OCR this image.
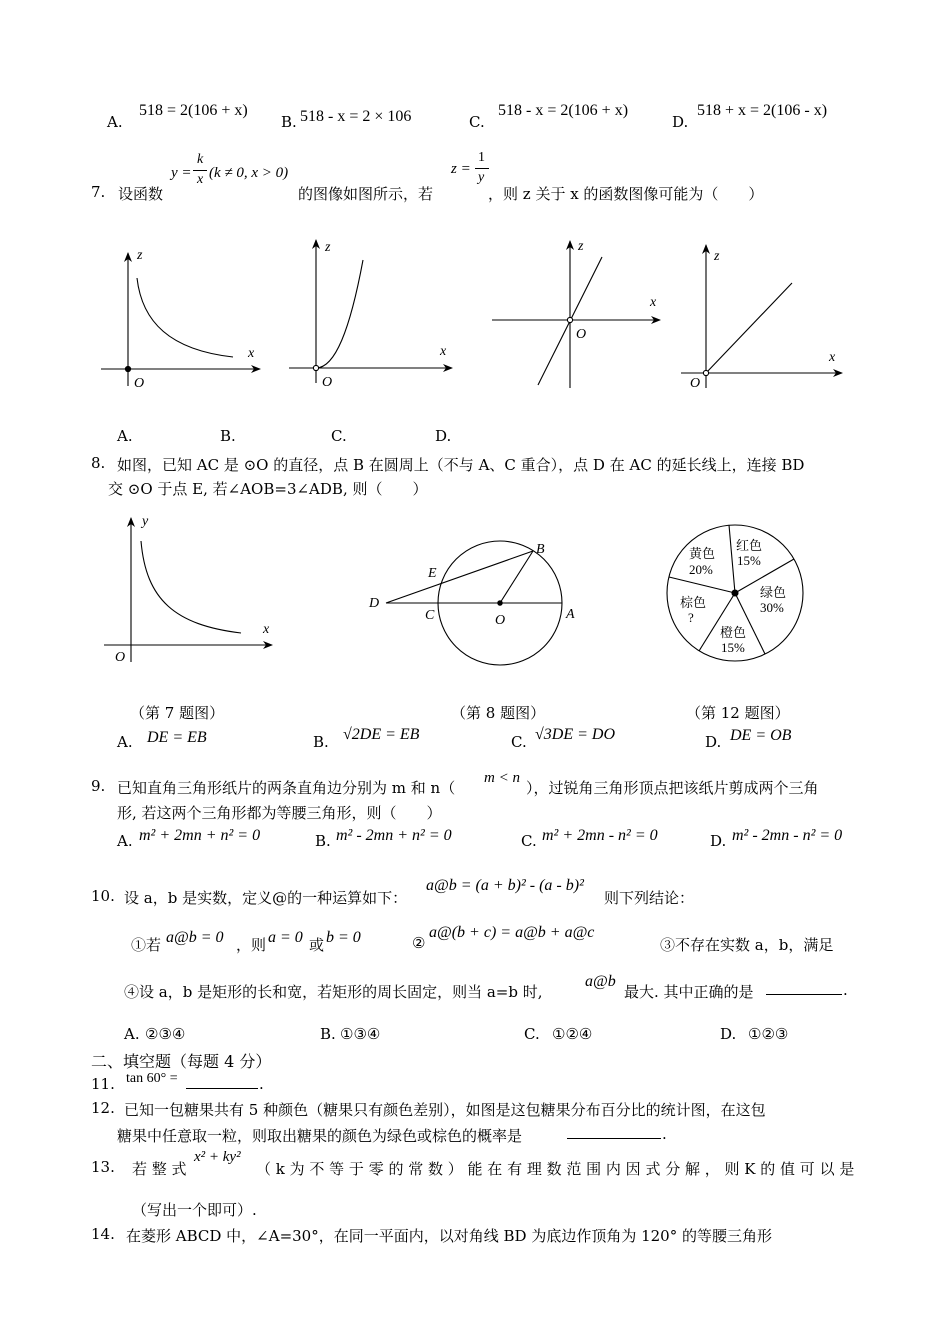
A.
518 = 2(106 + x)
B. 518 - x = 2 × 106	C.
518 - x = 2(106 + x)
D.
518 + x = 2(106 - x)
7. 设函数
y =
k
x (k ≠ 0, x > 0)
的图像如图所示，若
z =
1
y
，则 z 关于 x 的函数图像可能为（　　）
z
x
O
z
x
O
z
x
O
z
x
O
A.	B.	C.	D.
8. 如图，已知 AC 是 ⊙O 的直径，点 B 在圆周上（不与 A、C 重合），点 D 在 AC 的延长线上，连接 BD
交 ⊙O 于点 E, 若∠AOB=3∠ADB, 则（　　）
y
x
O
B
E
D
C	O	A
红色
15%
绿色
30%
橙色
15%
棕色
?
黄色
20%
（第 7 题图）	（第 8 题图）	（第 12 题图）
A. DE = EB	B. √2DE = EB	C. √3DE = DO	D. DE = OB
9. 已知直角三角形纸片的两条直角边分别为 m 和 n（
m < n
），过锐角三角形顶点把该纸片剪成两个三角
形, 若这两个三角形都为等腰三角形，则（　　）
A. m² + 2mn + n² = 0	B. m² - 2mn + n² = 0	C. m² + 2mn - n² = 0	D. m² - 2mn - n² = 0
10. 设 a，b 是实数，定义@的一种运算如下：
a@b = (a + b)² - (a - b)²
则下列结论：
①若 a@b = 0 ，则 a = 0 或 b = 0	②
a@(b + c) = a@b + a@c
③不存在实数 a，b，满足
④设 a，b 是矩形的长和宽，若矩形的周长固定，则当 a=b 时,
a@b
最大. 其中正确的是	.
A. ②③④	B. ①③④	C. ①②④	D. ①②③
二、填空题（每题 4 分）
11. tan 60° =	.
12. 已知一包糖果共有 5 种颜色（糖果只有颜色差别），如图是这包糖果分布百分比的统计图，在这包
糖果中任意取一粒，则取出糖果的颜色为绿色或棕色的概率是	.
13. 若 整 式
x² + ky²
（ k 为 不 等 于 零 的 常 数 ） 能 在 有 理 数 范 围 内 因 式 分 解 ， 则 K 的 值 可 以 是
（写出一个即可）.
14. 在菱形 ABCD 中，∠A=30°，在同一平面内，以对角线 BD 为底边作顶角为 120° 的等腰三角形
